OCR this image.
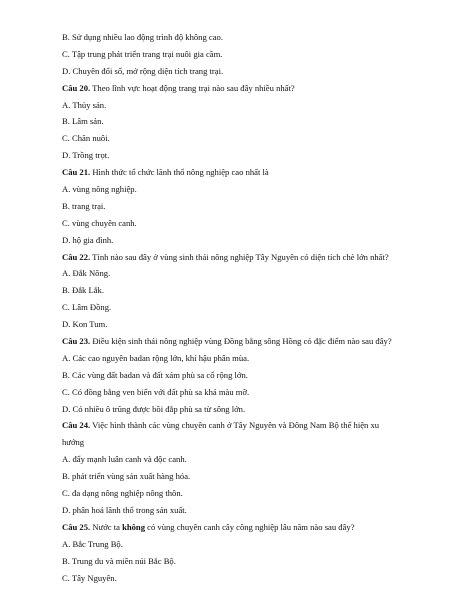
B. Sử dụng nhiều lao động trình độ không cao.
C. Tập trung phát triển trang trại nuôi gia cầm.
D. Chuyên đổi số, mở rộng diện tích trang trại.
Câu 20. Theo lĩnh vực hoạt động trang trại nào sau đây nhiều nhất?
A. Thủy sản.
B. Lâm sản.
C. Chăn nuôi.
D. Trồng trọt.
Câu 21. Hình thức tổ chức lãnh thổ nông nghiệp cao nhất là
A. vùng nông nghiệp.
B. trang trại.
C. vùng chuyên canh.
D. hộ gia đình.
Câu 22. Tỉnh nào sau đây ở vùng sinh thái nông nghiệp Tây Nguyên có diện tích chè lớn nhất?
A. Đắk Nông.
B. Đắk Lắk.
C. Lâm Đồng.
D. Kon Tum.
Câu 23. Điều kiện sinh thái nông nghiệp vùng Đồng bằng sông Hồng có đặc điểm nào sau đây?
A. Các cao nguyên badan rộng lớn, khí hậu phân mùa.
B. Các vùng đất badan và đất xám phù sa cổ rộng lớn.
C. Có đồng bằng ven biển với đất phù sa khá màu mỡ.
D. Có nhiều ô trũng được bồi đắp phù sa từ sông lớn.
Câu 24. Việc hình thành các vùng chuyên canh ở Tây Nguyên và Đông Nam Bộ thể hiện xu
hướng
A. đẩy mạnh luân canh và độc canh.
B. phát triển vùng sản xuất hàng hóa.
C. đa dạng nông nghiệp nông thôn.
D. phân hoá lãnh thổ trong sản xuất.
Câu 25. Nước ta không có vùng chuyên canh cây công nghiệp lâu năm nào sau đây?
A. Bắc Trung Bộ.
B. Trung du và miền núi Bắc Bộ.
C. Tây Nguyên.
